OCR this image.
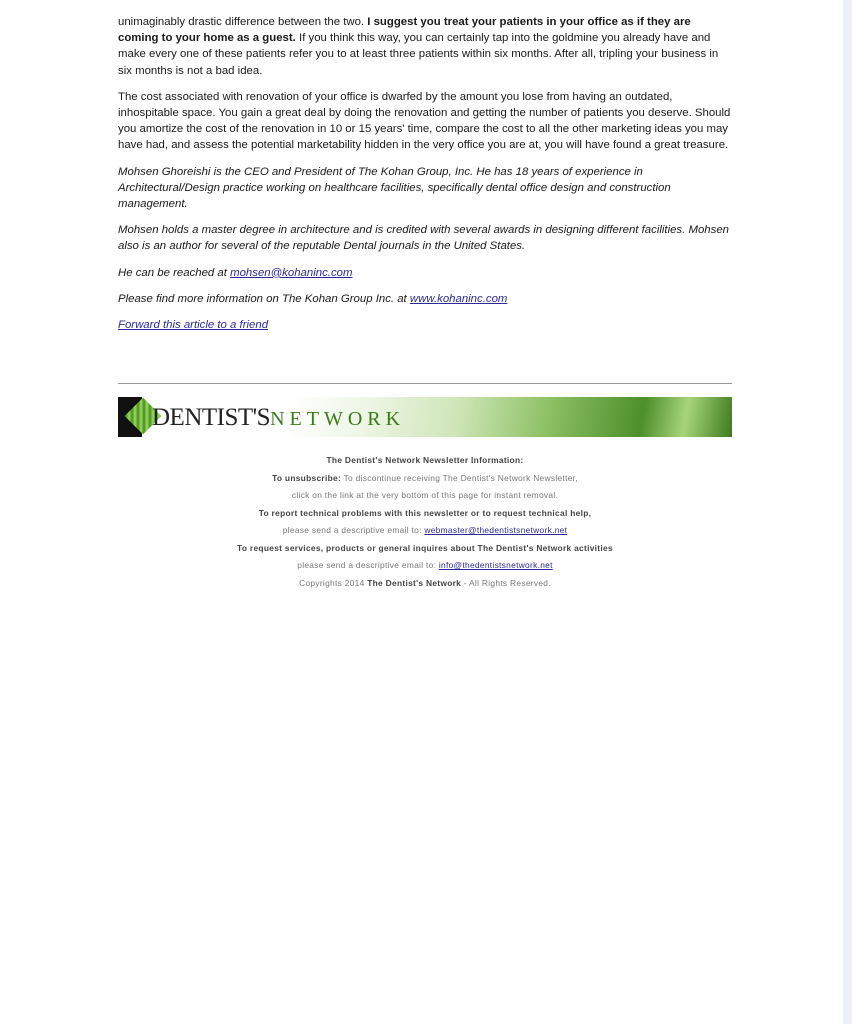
unimaginably drastic difference between the two. I suggest you treat your patients in your office as if they are coming to your home as a guest. If you think this way, you can certainly tap into the goldmine you already have and make every one of these patients refer you to at least three patients within six months. After all, tripling your business in six months is not a bad idea.

The cost associated with renovation of your office is dwarfed by the amount you lose from having an outdated, inhospitable space. You gain a great deal by doing the renovation and getting the number of patients you deserve. Should you amortize the cost of the renovation in 10 or 15 years' time, compare the cost to all the other marketing ideas you may have had, and assess the potential marketability hidden in the very office you are at, you will have found a great treasure.

Mohsen Ghoreishi is the CEO and President of The Kohan Group, Inc. He has 18 years of experience in Architectural/Design practice working on healthcare facilities, specifically dental office design and construction management.

Mohsen holds a master degree in architecture and is credited with several awards in designing different facilities. Mohsen also is an author for several of the reputable Dental journals in the United States.

He can be reached at mohsen@kohaninc.com

Please find more information on The Kohan Group Inc. at www.kohaninc.com

Forward this article to a friend

DENTIST'SNETWORK
The Dentist's Network Newsletter Information:
To unsubscribe: To discontinue receiving The Dentist's Network Newsletter,
click on the link at the very bottom of this page for instant removal.
To report technical problems with this newsletter or to request technical help,
please send a descriptive email to: webmaster@thedentistsnetwork.net
To request services, products or general inquires about The Dentist's Network activities
please send a descriptive email to: info@thedentistsnetwork.net
Copyrights 2014 The Dentist's Network - All Rights Reserved.
